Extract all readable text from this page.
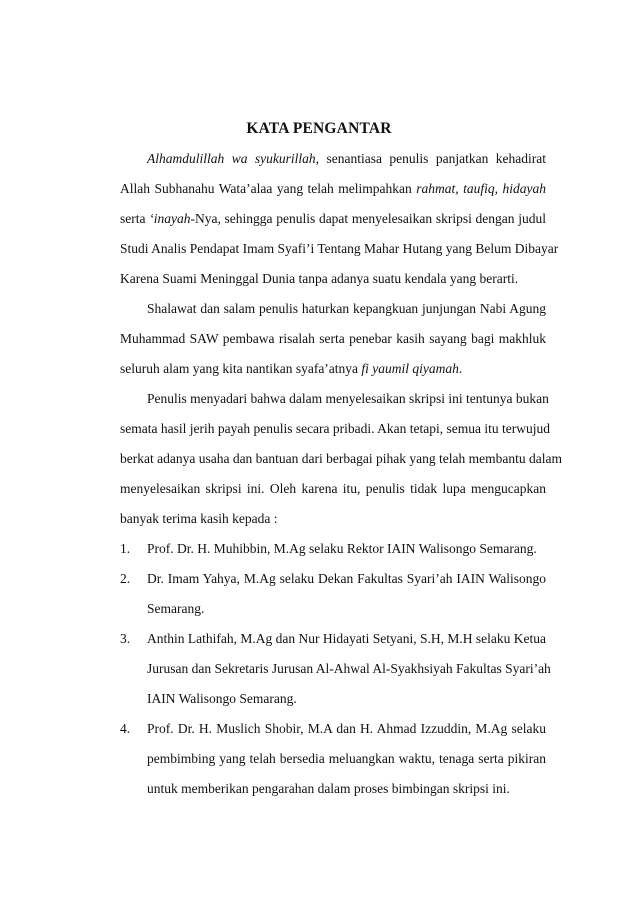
KATA PENGANTAR
Alhamdulillah wa syukurillah, senantiasa penulis panjatkan kehadirat
Allah Subhanahu Wata’alaa yang telah melimpahkan rahmat, taufiq, hidayah
serta ‘inayah-Nya, sehingga penulis dapat menyelesaikan skripsi dengan judul
Studi Analis Pendapat Imam Syafi’i Tentang Mahar Hutang yang Belum Dibayar
Karena Suami Meninggal Dunia tanpa adanya suatu kendala yang berarti.
Shalawat dan salam penulis haturkan kepangkuan junjungan Nabi Agung
Muhammad SAW pembawa risalah serta penebar kasih sayang bagi makhluk
seluruh alam yang kita nantikan syafa’atnya fi yaumil qiyamah.
Penulis menyadari bahwa dalam menyelesaikan skripsi ini tentunya bukan
semata hasil jerih payah penulis secara pribadi. Akan tetapi, semua itu terwujud
berkat adanya usaha dan bantuan dari berbagai pihak yang telah membantu dalam
menyelesaikan skripsi ini. Oleh karena itu, penulis tidak lupa mengucapkan
banyak terima kasih kepada :
1. Prof. Dr. H. Muhibbin, M.Ag selaku Rektor IAIN Walisongo Semarang.
2. Dr. Imam Yahya, M.Ag selaku Dekan Fakultas Syari’ah IAIN Walisongo
Semarang.
3. Anthin Lathifah, M.Ag dan Nur Hidayati Setyani, S.H, M.H selaku Ketua
Jurusan dan Sekretaris Jurusan Al-Ahwal Al-Syakhsiyah Fakultas Syari’ah
IAIN Walisongo Semarang.
4. Prof. Dr. H. Muslich Shobir, M.A dan H. Ahmad Izzuddin, M.Ag selaku
pembimbing yang telah bersedia meluangkan waktu, tenaga serta pikiran
untuk memberikan pengarahan dalam proses bimbingan skripsi ini.
